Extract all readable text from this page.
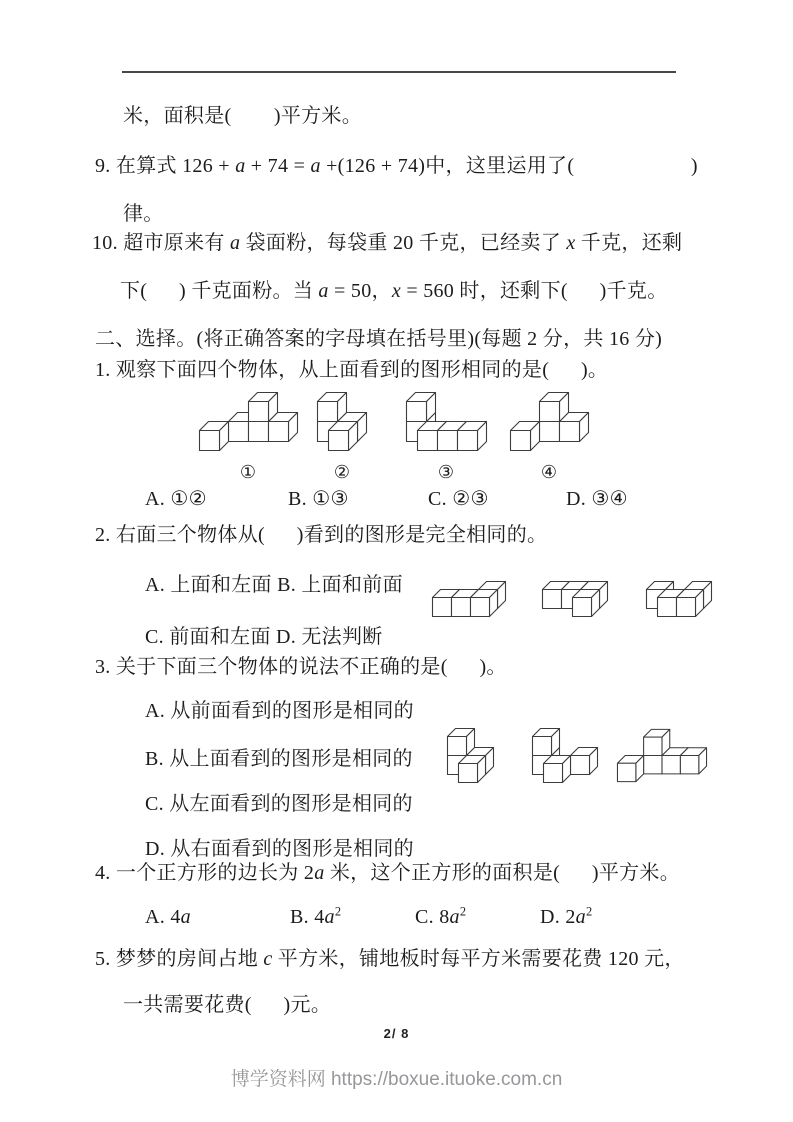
米，面积是(        )平方米。
9. 在算式 126 + a + 74 = a +(126 + 74)中，这里运用了(                      )
律。
10. 超市原来有 a 袋面粉，每袋重 20 千克，已经卖了 x 千克，还剩
下(      ) 千克面粉。当 a = 50，x = 560 时，还剩下(      )千克。
二、选择。(将正确答案的字母填在括号里)(每题 2 分，共 16 分)
1. 观察下面四个物体，从上面看到的图形相同的是(      )。
①	②	③	④
A. ①②	B. ①③	C. ②③	D. ③④
2. 右面三个物体从(      )看到的图形是完全相同的。
A. 上面和左面 B. 上面和前面
C. 前面和左面 D. 无法判断
3. 关于下面三个物体的说法不正确的是(      )。
A. 从前面看到的图形是相同的
B. 从上面看到的图形是相同的
C. 从左面看到的图形是相同的
D. 从右面看到的图形是相同的
4. 一个正方形的边长为 2a 米，这个正方形的面积是(      )平方米。
A. 4a	B. $4a^2$	C. $8a^2$	D. $2a^2$
5. 梦梦的房间占地 c 平方米，铺地板时每平方米需要花费 120 元，
一共需要花费(      )元。
2/ 8
博学资料网 https://boxue.ituoke.com.cn
